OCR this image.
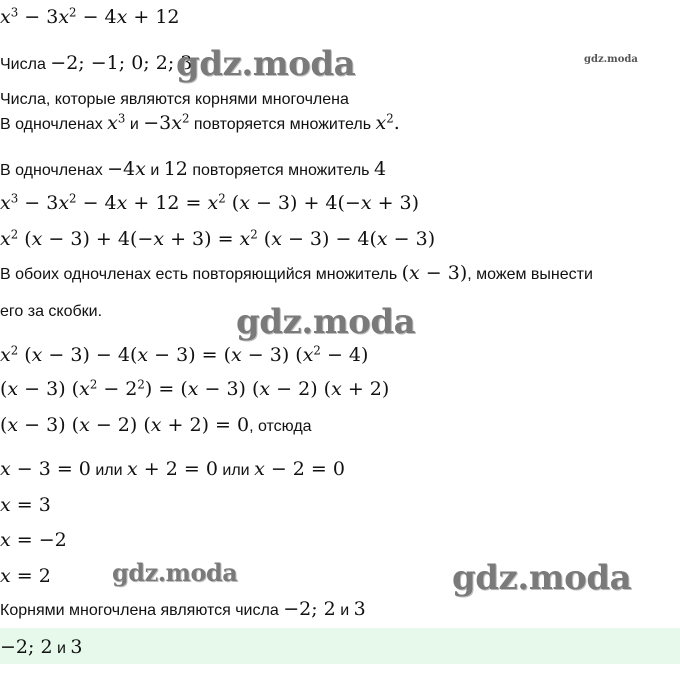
$x^3 - 3x^2 - 4x + 12$
Числа −2; −1; 0; 2; 3
gdz.moda	gdz.moda
Числа, которые являются корнями многочлена
В одночленах $x^3$ $и -3x^2$ повторяется множитель $x^2$.
В одночленах −4x и 12 повторяется множитель 4
$x^3 - 3x^2 - 4x + 12 = x^2$ (x − 3) + 4(−x + 3)
$x^2$ $(x - 3) + 4(-x + 3) = x^2$ (x − 3) − 4(x − 3)
В обоих одночленах есть повторяющийся множитель (x − 3), можем вынести
его за скобки.	gdz.moda
$x^2$ (x − 3) − 4(x − 3) = (x − 3) $(x^2 - 4)$
(x − 3) $(x^2 - 2^2) = (x - 3) (x - 2) (x + 2)$
(x − 3) (x − 2) (x + 2) = 0, отсюда
x − 3 = 0 или x + 2 = 0 или x − 2 = 0
x = 3
x = −2
x = 2	gdz.moda	gdz.moda
Корнями многочлена являются числа −2; 2 и 3
−2; 2 и 3
